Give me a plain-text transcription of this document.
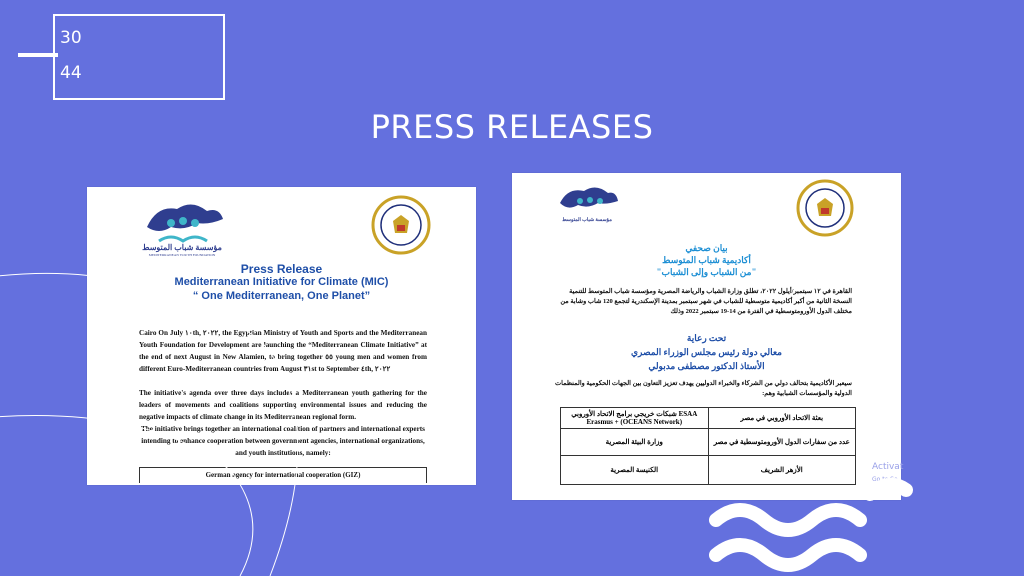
30
44
PRESS RELEASES
مؤسسة شباب المتوسط
MEDITERRANEAN YOUTH FOUNDATION
Press Release
Mediterranean Initiative for Climate (MIC)
“ One Mediterranean, One Planet”
Cairo On July ١٠th, ٢٠٢٢, the Egyptian Ministry of Youth and Sports and the Mediterranean Youth Foundation for Development are launching the “Mediterranean Climate Initiative” at the end of next August in New Alamien, to bring together ٥٥ young men and women from different Euro-Mediterranean countries from August ٣١st to September ٤th, ٢٠٢٢
The initiative's agenda over three days includes a Mediterranean youth gathering for the leaders of movements and coalitions supporting environmental issues and reducing the negative impacts of climate change in its Mediterranean regional form.
The initiative brings together an international coalition of partners and international experts intending to enhance cooperation between government agencies, international organizations, and youth institutions, namely:
German agency for international cooperation (GIZ)
مؤسسة شباب المتوسط
بيان صحفي
أكاديمية شباب المتوسط
"من الشباب وإلى الشباب"
القاهرة في ١٢ سبتمبر/أيلول ٢٠٢٢، تطلق وزارة الشباب والرياضة المصرية ومؤسسة شباب المتوسط للتنمية النسخة الثانية من أكبر أكاديمية متوسطية للشباب في شهر سبتمبر بمدينة الإسكندرية لتجمع 120 شاب وشابة من مختلف الدول الأورومتوسطية في الفترة من 14-19 سبتمبر 2022 وذلك
تحت رعاية
معالي دولة رئيس مجلس الوزراء المصري
الأستاذ الدكتور مصطفى مدبولي
سيعبر الأكاديمية بتحالف دولي من الشركاء والخبراء الدوليين يهدف تعزيز التعاون بين الجهات الحكومية والمنظمات الدولية والمؤسسات الشبابية وهم:
شبكات خريجي برامج الاتحاد الأوروبي ESAA Erasmus + (OCEANS Network)	بعثة الاتحاد الأوروبي في مصر
وزارة البيئة المصرية	عدد من سفارات الدول الأورومتوسطية في مصر
الكنيسة المصرية	الأزهر الشريف	Activat
Go to Se
